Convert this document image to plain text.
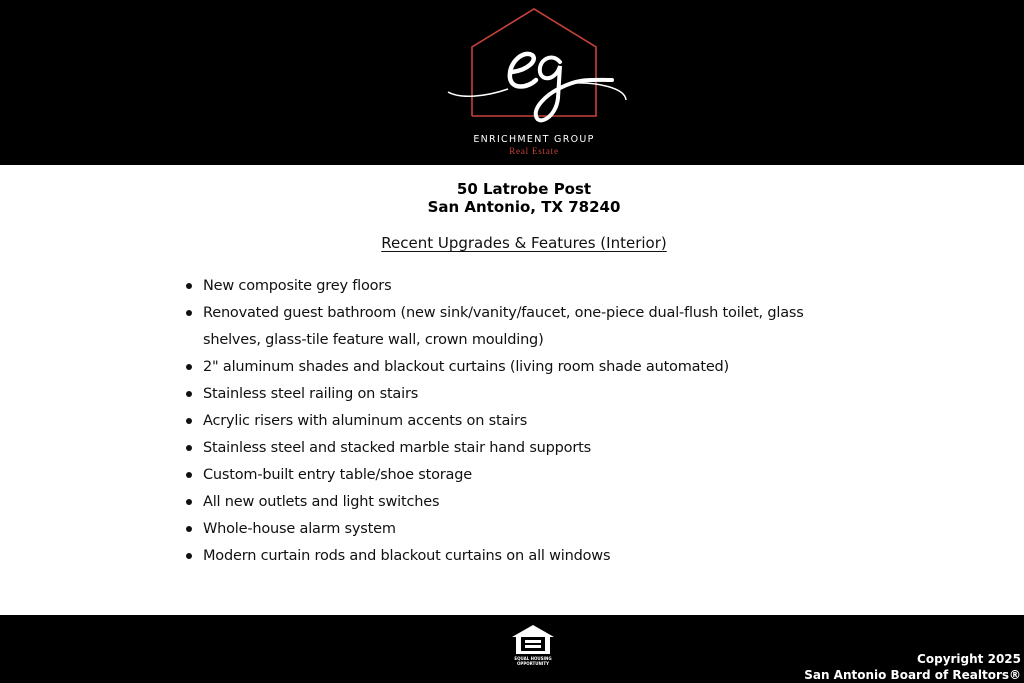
ENRICHMENT GROUP
Real Estate
50 Latrobe Post
San Antonio, TX 78240
Recent Upgrades & Features (Interior)
New composite grey floors
Renovated guest bathroom (new sink/vanity/faucet, one-piece dual-flush toilet, glass shelves, glass-tile feature wall, crown moulding)
2" aluminum shades and blackout curtains (living room shade automated)
Stainless steel railing on stairs
Acrylic risers with aluminum accents on stairs
Stainless steel and stacked marble stair hand supports
Custom-built entry table/shoe storage
All new outlets and light switches
Whole-house alarm system
Modern curtain rods and blackout curtains on all windows
EQUAL HOUSING OPPORTUNITY	Copyright 2025
San Antonio Board of Realtors®
